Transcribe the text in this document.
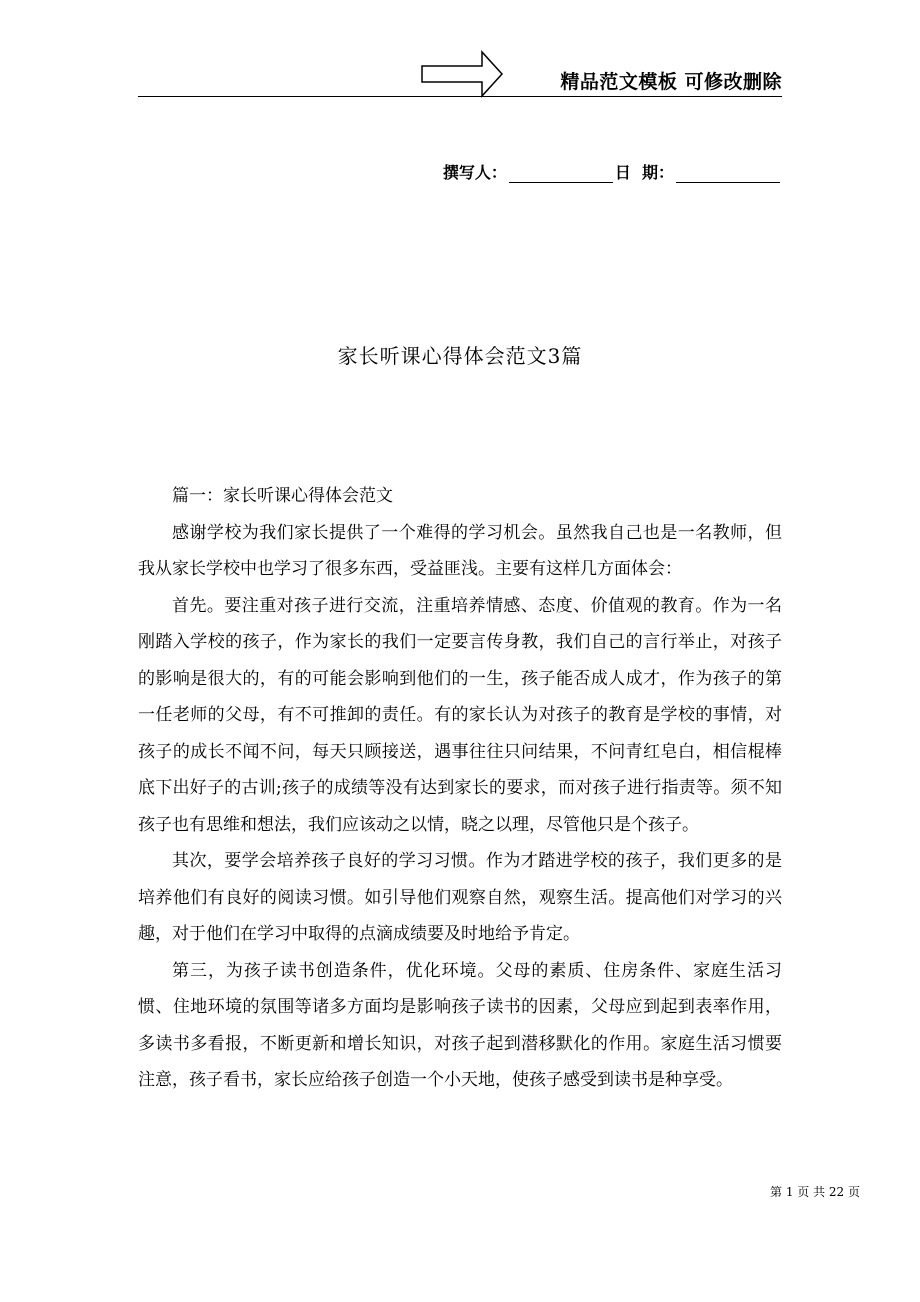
精品范文模板 可修改删除
撰写人：	日  期：
家长听课心得体会范文3篇

篇一：家长听课心得体会范文

感谢学校为我们家长提供了一个难得的学习机会。虽然我自己也是一名教师，但我从家长学校中也学习了很多东西，受益匪浅。主要有这样几方面体会：

首先。要注重对孩子进行交流，注重培养情感、态度、价值观的教育。作为一名刚踏入学校的孩子，作为家长的我们一定要言传身教，我们自己的言行举止，对孩子的影响是很大的，有的可能会影响到他们的一生，孩子能否成人成才，作为孩子的第一任老师的父母，有不可推卸的责任。有的家长认为对孩子的教育是学校的事情，对孩子的成长不闻不问，每天只顾接送，遇事往往只问结果，不问青红皂白，相信棍棒底下出好子的古训;孩子的成绩等没有达到家长的要求，而对孩子进行指责等。须不知孩子也有思维和想法，我们应该动之以情，晓之以理，尽管他只是个孩子。

其次，要学会培养孩子良好的学习习惯。作为才踏进学校的孩子，我们更多的是培养他们有良好的阅读习惯。如引导他们观察自然，观察生活。提高他们对学习的兴趣，对于他们在学习中取得的点滴成绩要及时地给予肯定。

第三，为孩子读书创造条件，优化环境。父母的素质、住房条件、家庭生活习惯、住地环境的氛围等诸多方面均是影响孩子读书的因素，父母应到起到表率作用，多读书多看报，不断更新和增长知识，对孩子起到潜移默化的作用。家庭生活习惯要注意，孩子看书，家长应给孩子创造一个小天地，使孩子感受到读书是种享受。

第 1 页 共 22 页
